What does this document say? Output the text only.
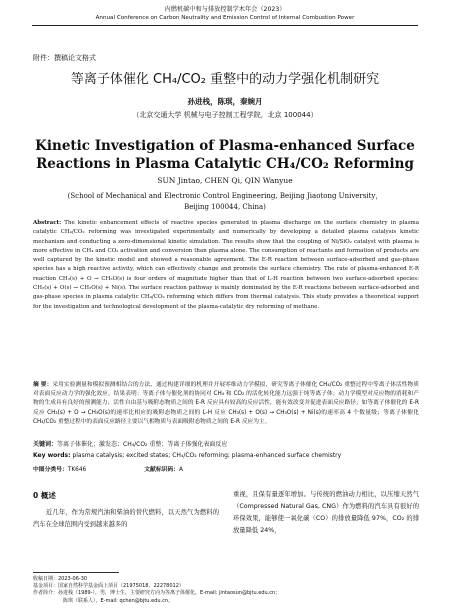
内燃机碳中和与排放控制学术年会（2023）
Annual Conference on Carbon Neutrality and Emission Control of Internal Combustion Power
附件：撰稿论文格式
等离子体催化 CH₄/CO₂ 重整中的动力学强化机制研究
孙进栈，陈琪，秦婉月
（北京交通大学 机械与电子控制工程学院，北京 100044）
Kinetic Investigation of Plasma-enhanced Surface
Reactions in Plasma Catalytic CH₄/CO₂ Reforming
SUN Jintao, CHEN Qi, QIN Wanyue
(School of Mechanical and Electronic Control Engineering, Beijing Jiaotong University，Beijing 100044, China)
Abstract: The kinetic enhancement effects of reactive species generated in plasma discharge on the surface chemistry in plasma catalytic CH₄/CO₂ reforming was investigated experimentally and numerically by developing a detailed plasma catalysis kinetic mechanism and conducting a zero-dimensional kinetic simulation. The results show that the coupling of Ni/SiO₂ catalyst with plasma is more effective in CH₄ and CO₂ activation and conversion than plasma alone. The consumption of reactants and formation of products are well captured by the kinetic model and showed a reasonable agreement. The E-R reaction between surface-adsorbed and gas-phase species has a high reactive activity, which can effectively change and promote the surface chemistry. The rate of plasma-enhanced E-R reaction CH₃(s) + O → CH₃O(s) is four orders of magnitude higher than that of L-H reaction between two surface-adsorbed species: CH₃(s) + O(s) → CH₃O(s) + Ni(s). The surface reaction pathway is mainly dominated by the E-R reactions between surface-adsorbed and gas-phase species in plasma catalytic CH₄/CO₂ reforming which differs from thermal catalysis. This study provides a theoretical support for the investigation and technological development of the plasma-catalytic dry reforming of methane.
摘 要：采用实验测量和模拟预测相结合的方法，通过构建详细的机理并开展零维动力学模拟，研究等离子体催化 CH₄/CO₂ 重整过程中等离子体活性物质对表面反应动力学的强化效应。结果表明：等离子体与催化剂的协同对 CH₄ 和 CO₂ 的活化转化能力远强于纯等离子体；动力学模型对反应物的消耗和产物的生成具有良好的预测能力；活性自由基与吸附态物质之间的 E-R 反应具有较高的反应活性，能有效改变并促进表面反应路径；如等离子体催化的 E-R 反应 CH₃(s) + O → CH₃O(s)的速率比相应的吸附态物质之间的 L-H 反应 CH₃(s) + O(s) → CH₃O(s) + Ni(s)的速率高 4 个数量级；等离子体催化 CH₄/CO₂ 重整过程中的表面反应路径主要以气相物质与表面吸附态物质之间的 E-R 反应为主。
关键词：等离子体催化；激发态；CH₄/CO₂ 重整；等离子体强化表面反应
Key words: plasma catalysis; excited states; CH₄/CO₂ reforming; plasma-enhanced surface chemistry
中图分类号：TK646	文献标识码：A
0 概述
近几年，作为常规汽油和柴油的替代燃料，以天然气为燃料的汽车在全球范围内受到越来越多的
重视，且保有量逐年增加。与传统的燃油动力相比，以压缩天然气（Compressed Natural Gas, CNG）作为燃料的汽车具有很好的环保效果，能够使一氧化碳（CO）的排放量降低 97%，CO₂ 的排放量降低 24%，
收稿日期：2023-06-30
基金项目：国家自然科学基金面上项目（21975018、22278012）
作者简介：孙进栈（1989-），男，博士生，主要研究方向为等离子体催化。E-mail: jintaosun@bjtu.edu.cn；
陈琪（联系人），E-mail: qchen@bjtu.edu.cn。
